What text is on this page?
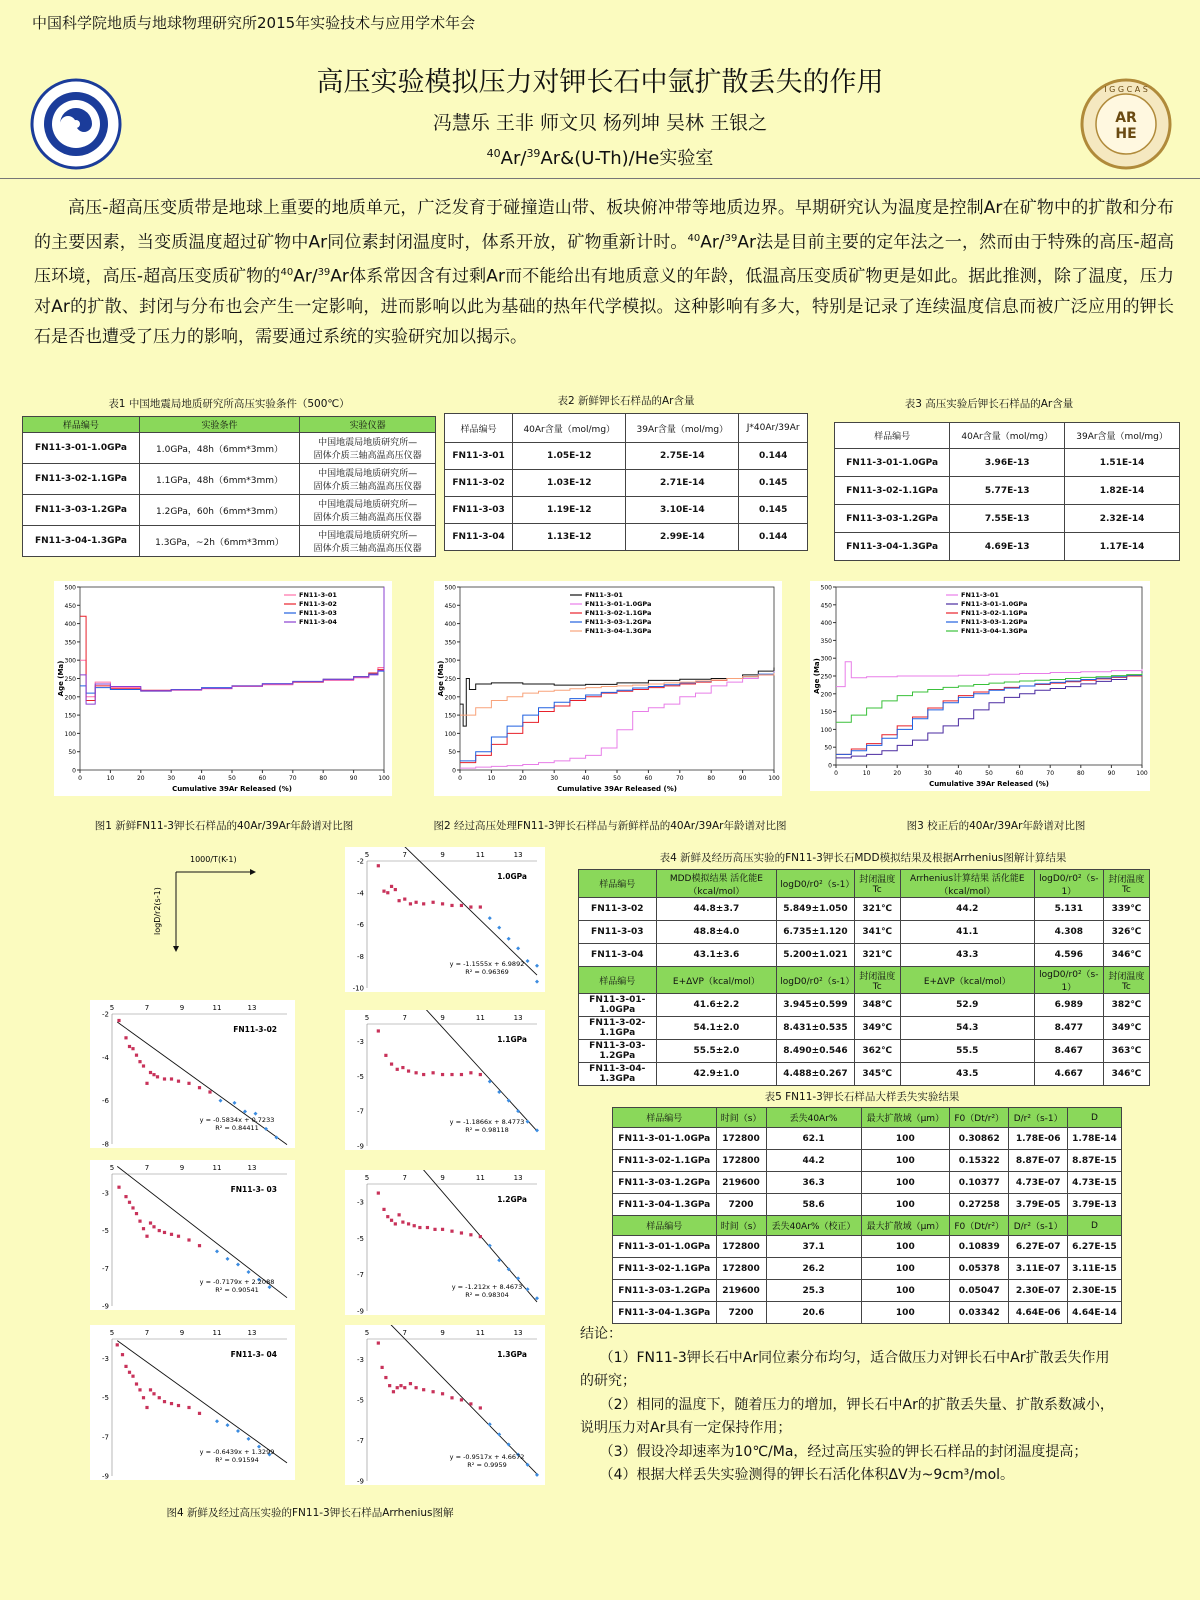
中国科学院地质与地球物理研究所2015年实验技术与应用学术年会
AR
HE
I G G C A S
高压实验模拟压力对钾长石中氩扩散丢失的作用
冯慧乐 王非 师文贝 杨列坤 吴林 王银之
$^{40}$Ar/$^{39}$Ar&(U-Th)/He实验室
高压-超高压变质带是地球上重要的地质单元，广泛发育于碰撞造山带、板块俯冲带等地质边界。早期研究认为温度是控制Ar在矿物中的扩散和分布的主要因素，当变质温度超过矿物中Ar同位素封闭温度时，体系开放，矿物重新计时。$^{40}$Ar/$^{39}$Ar法是目前主要的定年法之一，然而由于特殊的高压-超高压环境，高压-超高压变质矿物的$^{40}$Ar/$^{39}$Ar体系常因含有过剩Ar而不能给出有地质意义的年龄，低温高压变质矿物更是如此。据此推测，除了温度，压力对Ar的扩散、封闭与分布也会产生一定影响，进而影响以此为基础的热年代学模拟。这种影响有多大，特别是记录了连续温度信息而被广泛应用的钾长石是否也遭受了压力的影响，需要通过系统的实验研究加以揭示。
表1 中国地震局地质研究所高压实验条件（500℃）	表2 新鲜钾长石样品的Ar含量	表3 高压实验后钾长石样品的Ar含量
样品编号	实验条件	实验仪器
FN11-3-01-1.0GPa	1.0GPa，48h（6mm*3mm）	中国地震局地质研究所—
固体介质三轴高温高压仪器

FN11-3-02-1.1GPa	1.1GPa，48h（6mm*3mm）	中国地震局地质研究所—
固体介质三轴高温高压仪器

FN11-3-03-1.2GPa	1.2GPa，60h（6mm*3mm）	中国地震局地质研究所—
固体介质三轴高温高压仪器

FN11-3-04-1.3GPa	1.3GPa，~2h（6mm*3mm）	中国地震局地质研究所—
固体介质三轴高温高压仪器
样品编号	40Ar含量（mol/mg）	39Ar含量（mol/mg）	J*40Ar/39Ar
FN11-3-01	1.05E-12	2.75E-14	0.144
FN11-3-02	1.03E-12	2.71E-14	0.145
FN11-3-03	1.19E-12	3.10E-14	0.145
FN11-3-04	1.13E-12	2.99E-14	0.144
样品编号	40Ar含量（mol/mg）	39Ar含量（mol/mg）
FN11-3-01-1.0GPa	3.96E-13	1.51E-14
FN11-3-02-1.1GPa	5.77E-13	1.82E-14
FN11-3-03-1.2GPa	7.55E-13	2.32E-14
FN11-3-04-1.3GPa	4.69E-13	1.17E-14
0
50
100
150
200
250
300
350
400
450
500
0	10	20	30	40	50	60	70	80	90	100
Cumulative 39Ar Released (%)
Age (Ma)
FN11-3-01
FN11-3-02
FN11-3-03
FN11-3-04
0
50
100
150
200
250
300
350
400
450
500
0	10	20	30	40	50	60	70	80	90	100
Cumulative 39Ar Released (%)
Age (Ma)
FN11-3-01
FN11-3-01-1.0GPa
FN11-3-02-1.1GPa
FN11-3-03-1.2GPa
FN11-3-04-1.3GPa
0
50
100
150
200
250
300
350
400
450
500
0	10	20	30	40	50	60	70	80	90	100
Cumulative 39Ar Released (%)
Age (Ma)
FN11-3-01
FN11-3-01-1.0GPa
FN11-3-02-1.1GPa
FN11-3-03-1.2GPa
FN11-3-04-1.3GPa
图1 新鲜FN11-3钾长石样品的40Ar/39Ar年龄谱对比图	图2 经过高压处理FN11-3钾长石样品与新鲜样品的40Ar/39Ar年龄谱对比图	图3 校正后的40Ar/39Ar年龄谱对比图
1000/T(K-1)
logD/r2(s-1)
5	7	9	11	13
-2
-4
-6
-8
-10
1.0GPa
y = -1.1555x + 6.9892
R² = 0.96369
5	7	9	11	13
-2
-4
-6
-8
FN11-3-02
y = -0.5834x + 0.7233
R² = 0.84411
5	7	9	11	13
-3
-5
-7
-9
1.1GPa
y = -1.1866x + 8.4773
R² = 0.98118
5	7	9	11	13
-3
-5
-7
-9
FN11-3- 03
y = -0.7179x + 2.2088
R² = 0.90541
5	7	9	11	13
-3
-5
-7
-9
1.2GPa
y = -1.212x + 8.4673
R² = 0.98304
5	7	9	11	13
-3
-5
-7
-9
FN11-3- 04
y = -0.6439x + 1.3299
R² = 0.91594
5	7	9	11	13
-3
-5
-7
-9
1.3GPa
y = -0.9517x + 4.6672
R² = 0.9959
图4 新鲜及经过高压实验的FN11-3钾长石样品Arrhenius图解
表4 新鲜及经历高压实验的FN11-3钾长石MDD模拟结果及根据Arrhenius图解计算结果
样品编号	MDD模拟结果 活化能E（kcal/mol）	logD0/r0²（s-1）	封闭温度Tc	Arrhenius计算结果 活化能E（kcal/mol）	logD0/r0²（s-1）	封闭温度Tc
FN11-3-02	44.8±3.7	5.849±1.050	321℃	44.2	5.131	339℃
FN11-3-03	48.8±4.0	6.735±1.120	341℃	41.1	4.308	326℃
FN11-3-04	43.1±3.6	5.200±1.021	321℃	43.3	4.596	346℃
样品编号	E+ΔVP（kcal/mol）	logD0/r0²（s-1）	封闭温度Tc	E+ΔVP（kcal/mol）	logD0/r0²（s-1）	封闭温度Tc
FN11-3-01-1.0GPa	41.6±2.2	3.945±0.599	348℃	52.9	6.989	382℃
FN11-3-02-1.1GPa	54.1±2.0	8.431±0.535	349℃	54.3	8.477	349℃
FN11-3-03-1.2GPa	55.5±2.0	8.490±0.546	362℃	55.5	8.467	363℃
FN11-3-04-1.3GPa	42.9±1.0	4.488±0.267	345℃	43.5	4.667	346℃
表5 FN11-3钾长石样品大样丢失实验结果
样品编号	时间（s）	丢失40Ar%	最大扩散域（μm）	F0（Dt/r²）	D/r²（s-1）	D
FN11-3-01-1.0GPa	172800	62.1	100	0.30862	1.78E-06	1.78E-14
FN11-3-02-1.1GPa	172800	44.2	100	0.15322	8.87E-07	8.87E-15
FN11-3-03-1.2GPa	219600	36.3	100	0.10377	4.73E-07	4.73E-15
FN11-3-04-1.3GPa	7200	58.6	100	0.27258	3.79E-05	3.79E-13
样品编号	时间（s）	丢失40Ar%（校正）	最大扩散域（μm）	F0（Dt/r²）	D/r²（s-1）	D
FN11-3-01-1.0GPa	172800	37.1	100	0.10839	6.27E-07	6.27E-15
FN11-3-02-1.1GPa	172800	26.2	100	0.05378	3.11E-07	3.11E-15
FN11-3-03-1.2GPa	219600	25.3	100	0.05047	2.30E-07	2.30E-15
FN11-3-04-1.3GPa	7200	20.6	100	0.03342	4.64E-06	4.64E-14

结论：

（1）FN11-3钾长石中Ar同位素分布均匀，适合做压力对钾长石中Ar扩散丢失作用的研究；
（2）相同的温度下，随着压力的增加，钾长石中Ar的扩散丢失量、扩散系数减小，说明压力对Ar具有一定保持作用；
（3）假设冷却速率为10℃/Ma，经过高压实验的钾长石样品的封闭温度提高；
（4）根据大样丢失实验测得的钾长石活化体积ΔV为~9cm³/mol。
